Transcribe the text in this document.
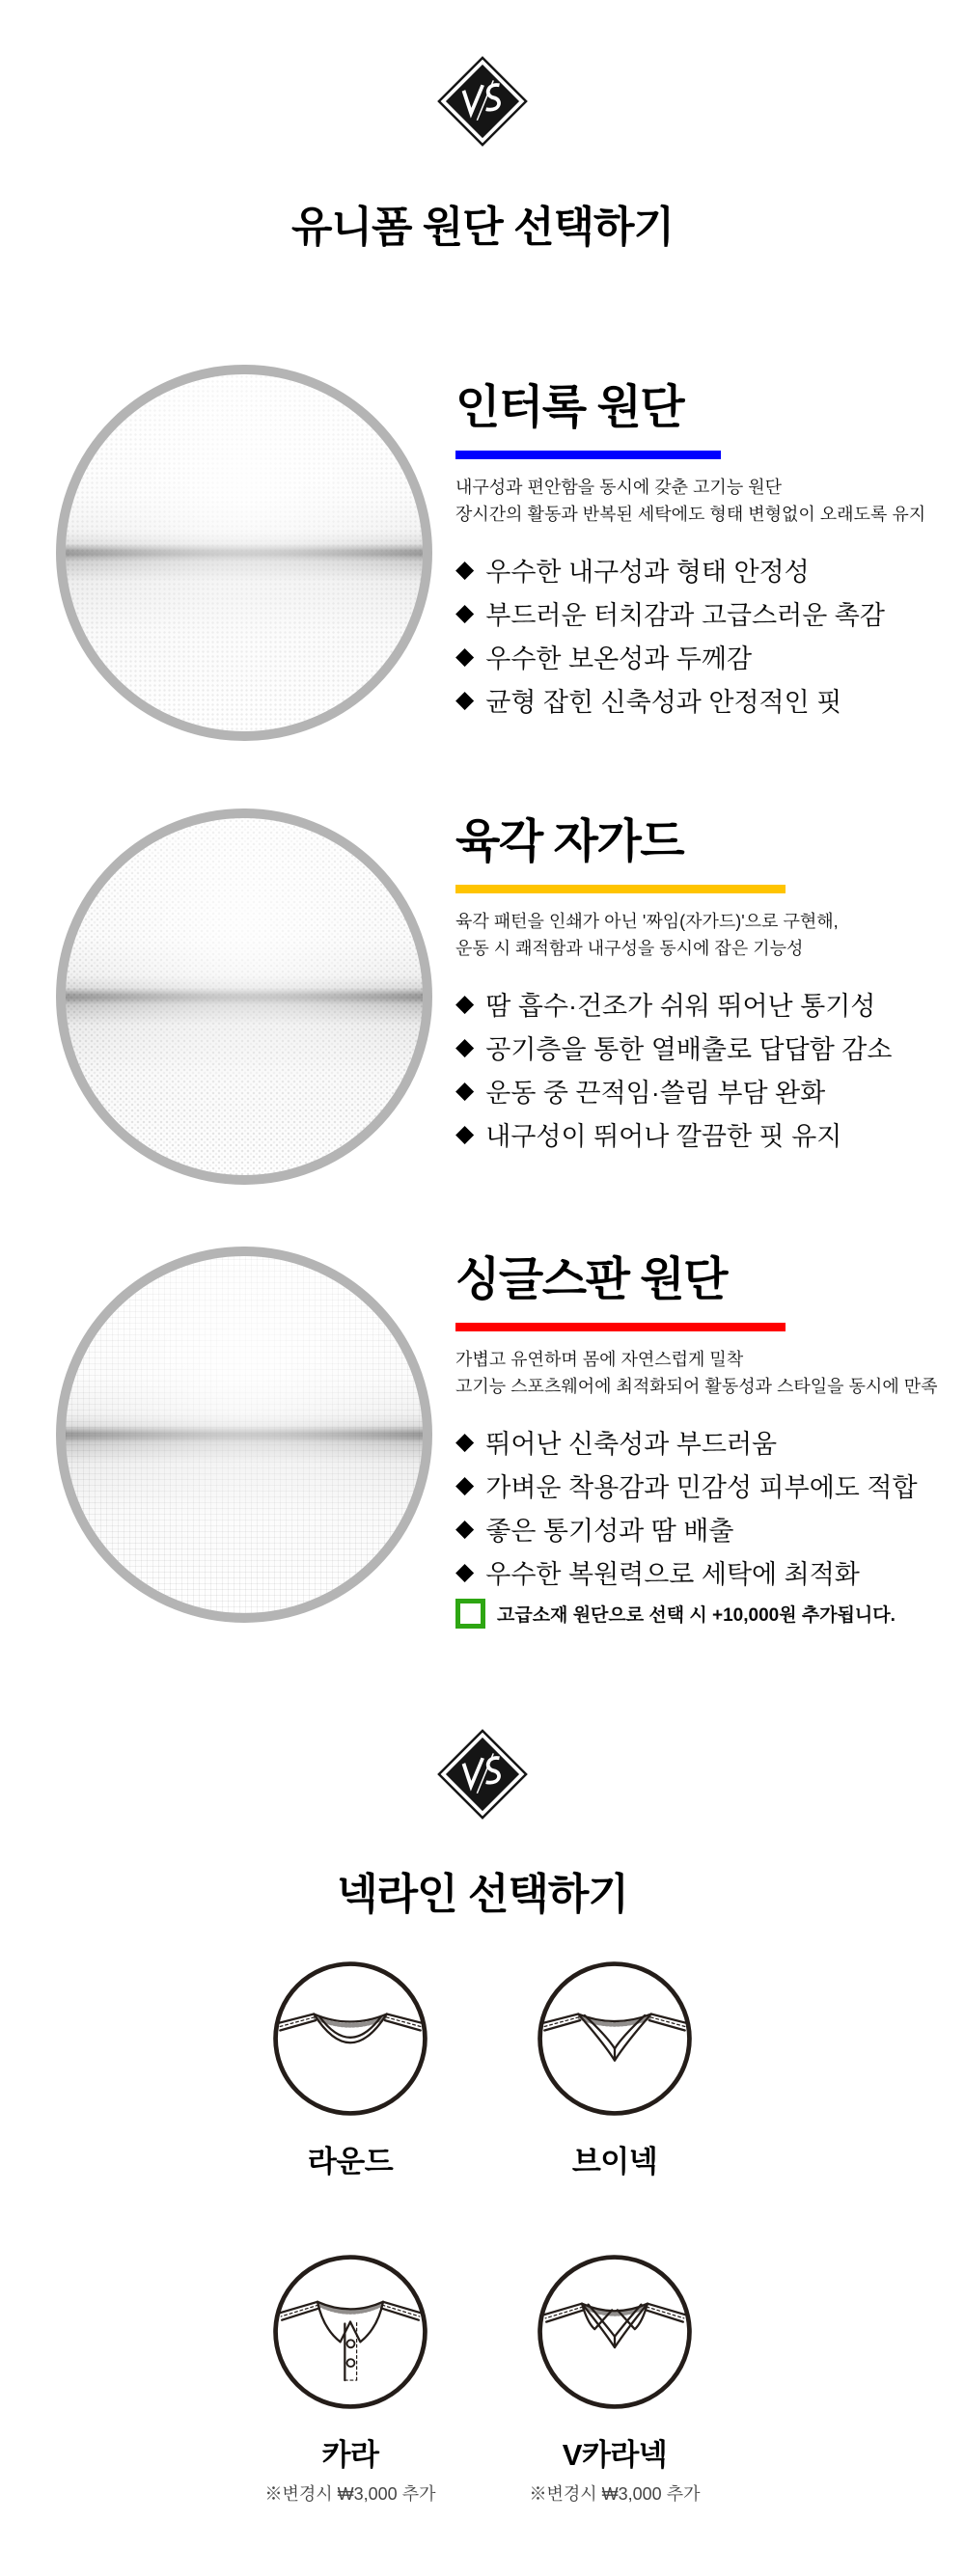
유니폼 원단 선택하기
인터록 원단
내구성과 편안함을 동시에 갖춘 고기능 원단
장시간의 활동과 반복된 세탁에도 형태 변형없이 오래도록 유지
◆ 우수한 내구성과 형태 안정성
◆ 부드러운 터치감과 고급스러운 촉감
◆ 우수한 보온성과 두께감
◆ 균형 잡힌 신축성과 안정적인 핏
육각 자가드
육각 패턴을 인쇄가 아닌 '짜임(자가드)'으로 구현해,
운동 시 쾌적함과 내구성을 동시에 잡은 기능성
◆ 땀 흡수·건조가 쉬워 뛰어난 통기성
◆ 공기층을 통한 열배출로 답답함 감소
◆ 운동 중 끈적임·쓸림 부담 완화
◆ 내구성이 뛰어나 깔끔한 핏 유지
싱글스판 원단
가볍고 유연하며 몸에 자연스럽게 밀착
고기능 스포츠웨어에 최적화되어 활동성과 스타일을 동시에 만족
◆ 뛰어난 신축성과 부드러움
◆ 가벼운 착용감과 민감성 피부에도 적합
◆ 좋은 통기성과 땀 배출
◆ 우수한 복원력으로 세탁에 최적화
고급소재 원단으로 선택 시 +10,000원 추가됩니다.
넥라인 선택하기
라운드	브이넥
카라
※변경시 ₩3,000 추가
V카라넥
※변경시 ₩3,000 추가
